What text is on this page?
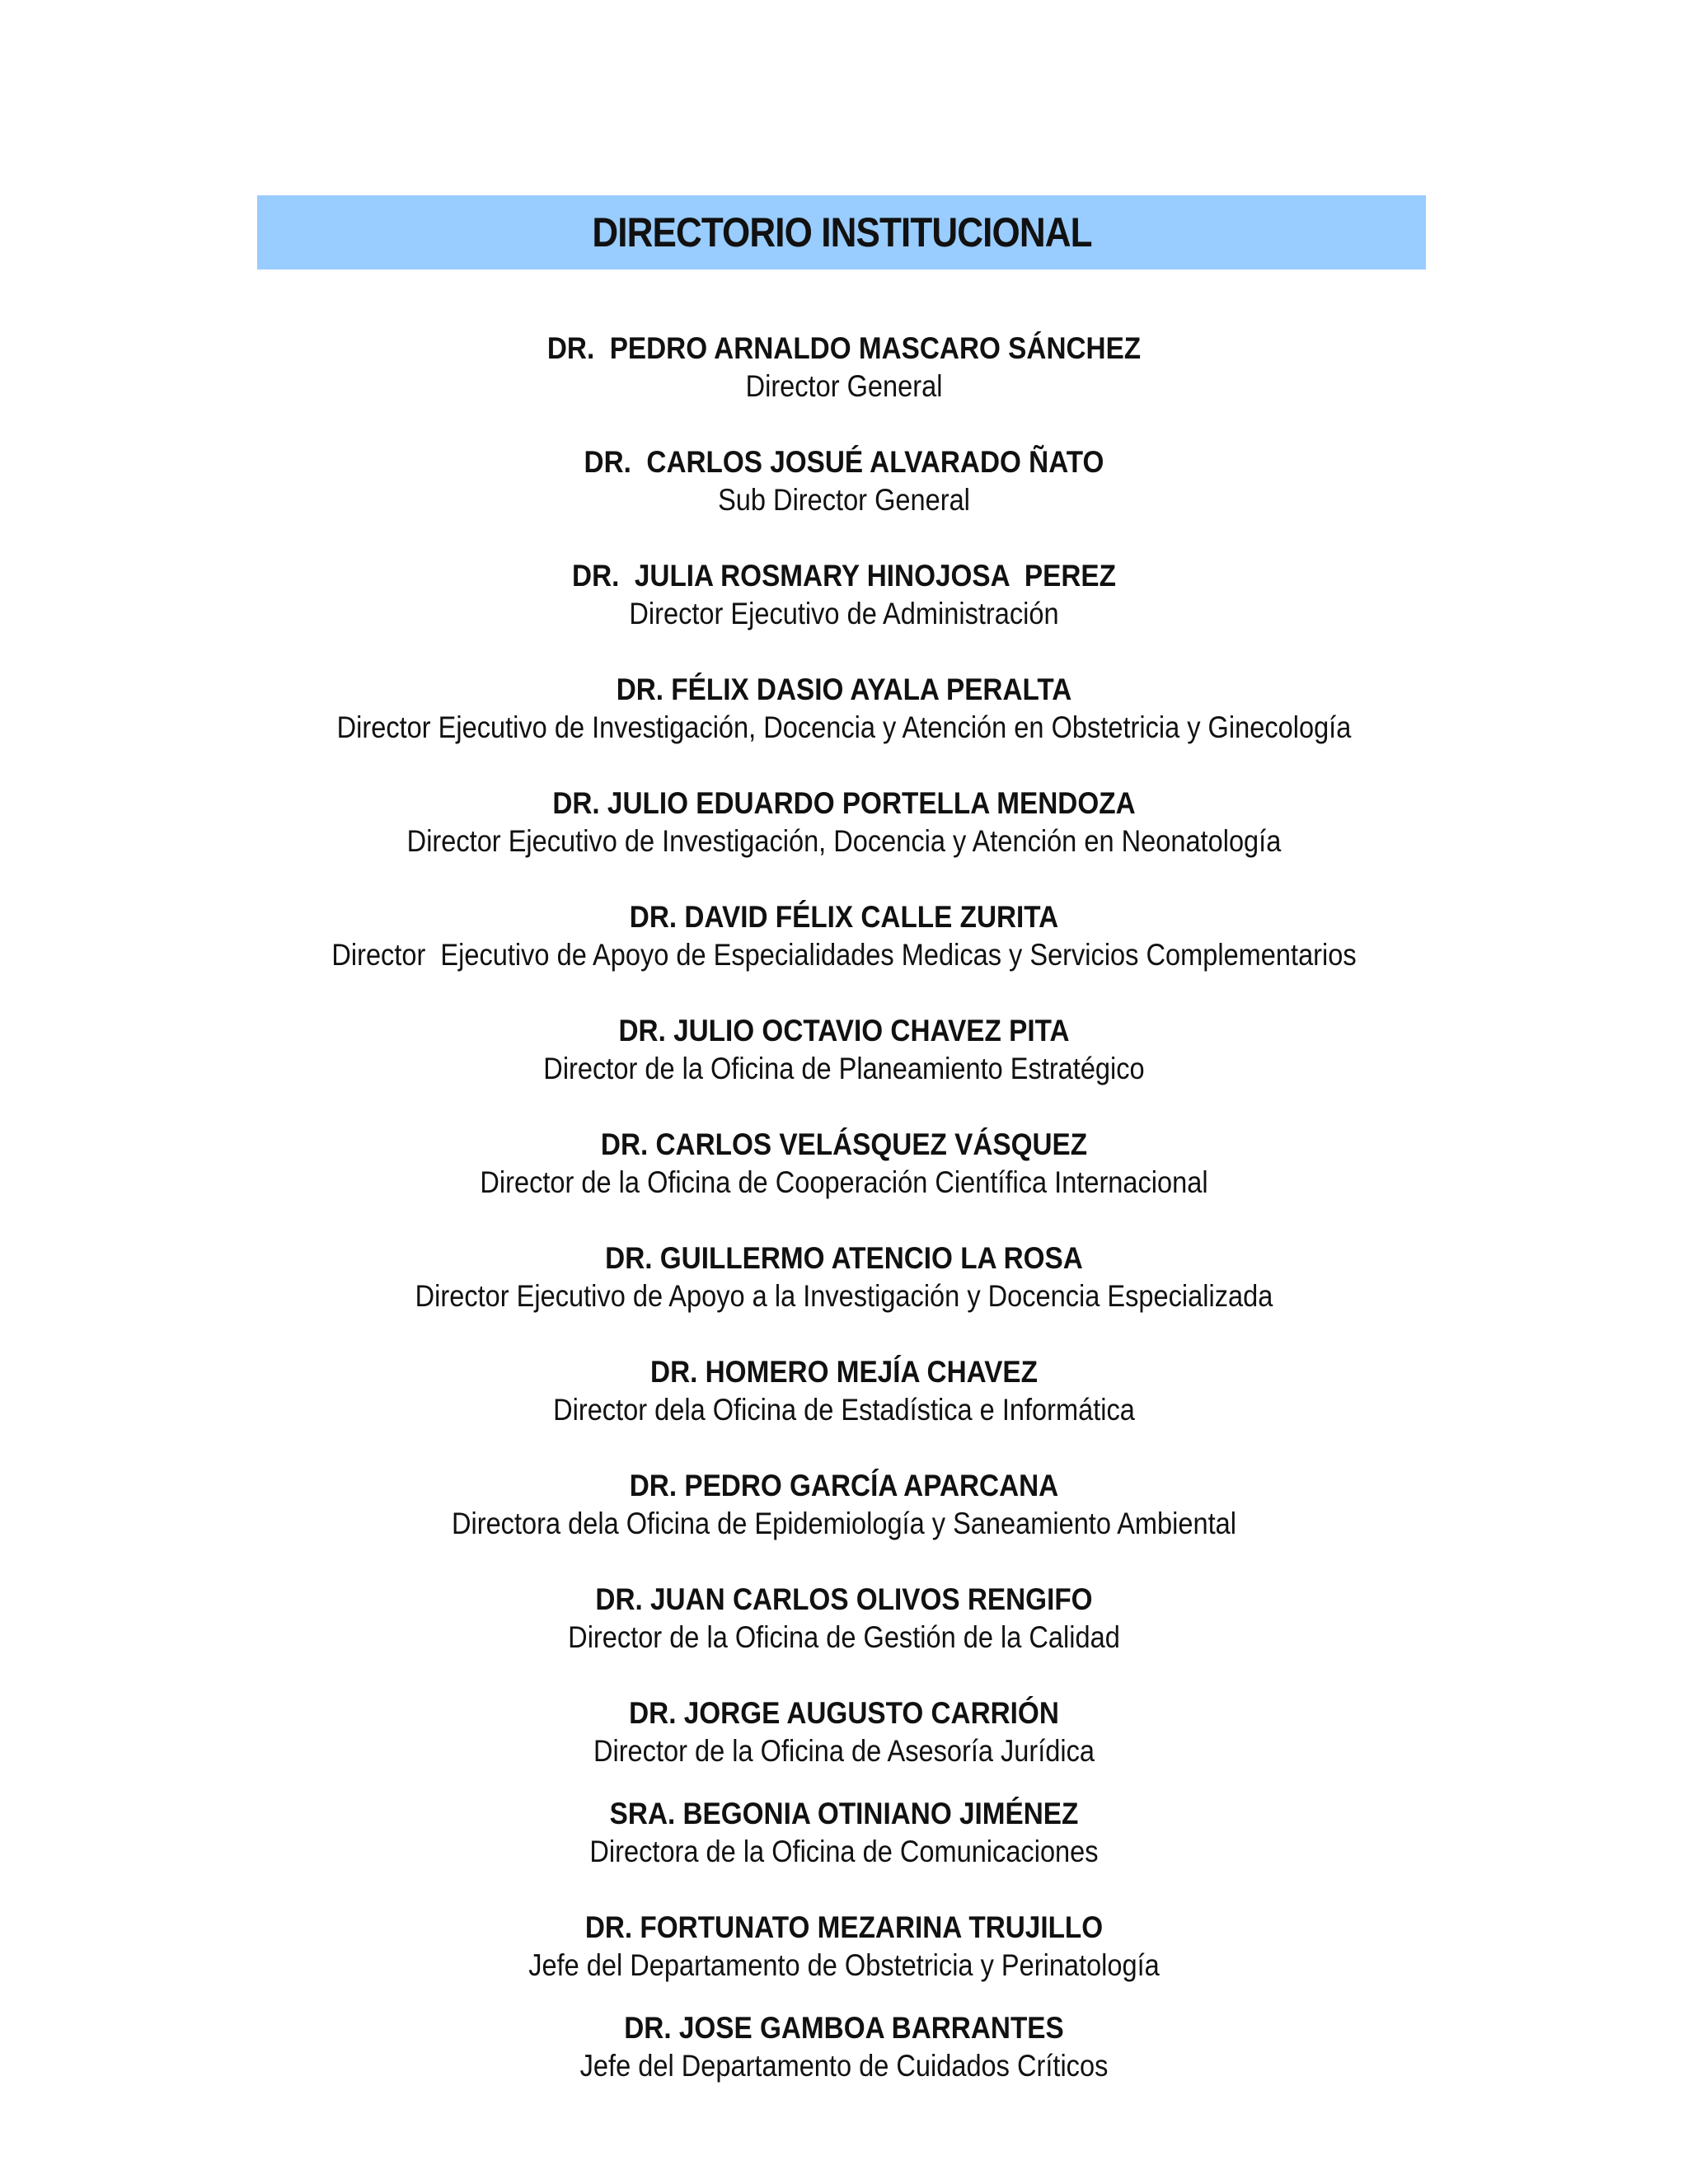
DIRECTORIO INSTITUCIONAL
DR.  PEDRO ARNALDO MASCARO SÁNCHEZ
Director General
DR.  CARLOS JOSUÉ ALVARADO ÑATO
Sub Director General
DR.  JULIA ROSMARY HINOJOSA  PEREZ
Director Ejecutivo de Administración
DR. FÉLIX DASIO AYALA PERALTA
Director Ejecutivo de Investigación, Docencia y Atención en Obstetricia y Ginecología
DR. JULIO EDUARDO PORTELLA MENDOZA
Director Ejecutivo de Investigación, Docencia y Atención en Neonatología
DR. DAVID FÉLIX CALLE ZURITA
Director  Ejecutivo de Apoyo de Especialidades Medicas y Servicios Complementarios
DR. JULIO OCTAVIO CHAVEZ PITA
Director de la Oficina de Planeamiento Estratégico
DR. CARLOS VELÁSQUEZ VÁSQUEZ
Director de la Oficina de Cooperación Científica Internacional
DR. GUILLERMO ATENCIO LA ROSA
Director Ejecutivo de Apoyo a la Investigación y Docencia Especializada
DR. HOMERO MEJÍA CHAVEZ
Director dela Oficina de Estadística e Informática
DR. PEDRO GARCÍA APARCANA
Directora dela Oficina de Epidemiología y Saneamiento Ambiental
DR. JUAN CARLOS OLIVOS RENGIFO
Director de la Oficina de Gestión de la Calidad
DR. JORGE AUGUSTO CARRIÓN
Director de la Oficina de Asesoría Jurídica
SRA. BEGONIA OTINIANO JIMÉNEZ
Directora de la Oficina de Comunicaciones
DR. FORTUNATO MEZARINA TRUJILLO
Jefe del Departamento de Obstetricia y Perinatología
DR. JOSE GAMBOA BARRANTES
Jefe del Departamento de Cuidados Críticos
